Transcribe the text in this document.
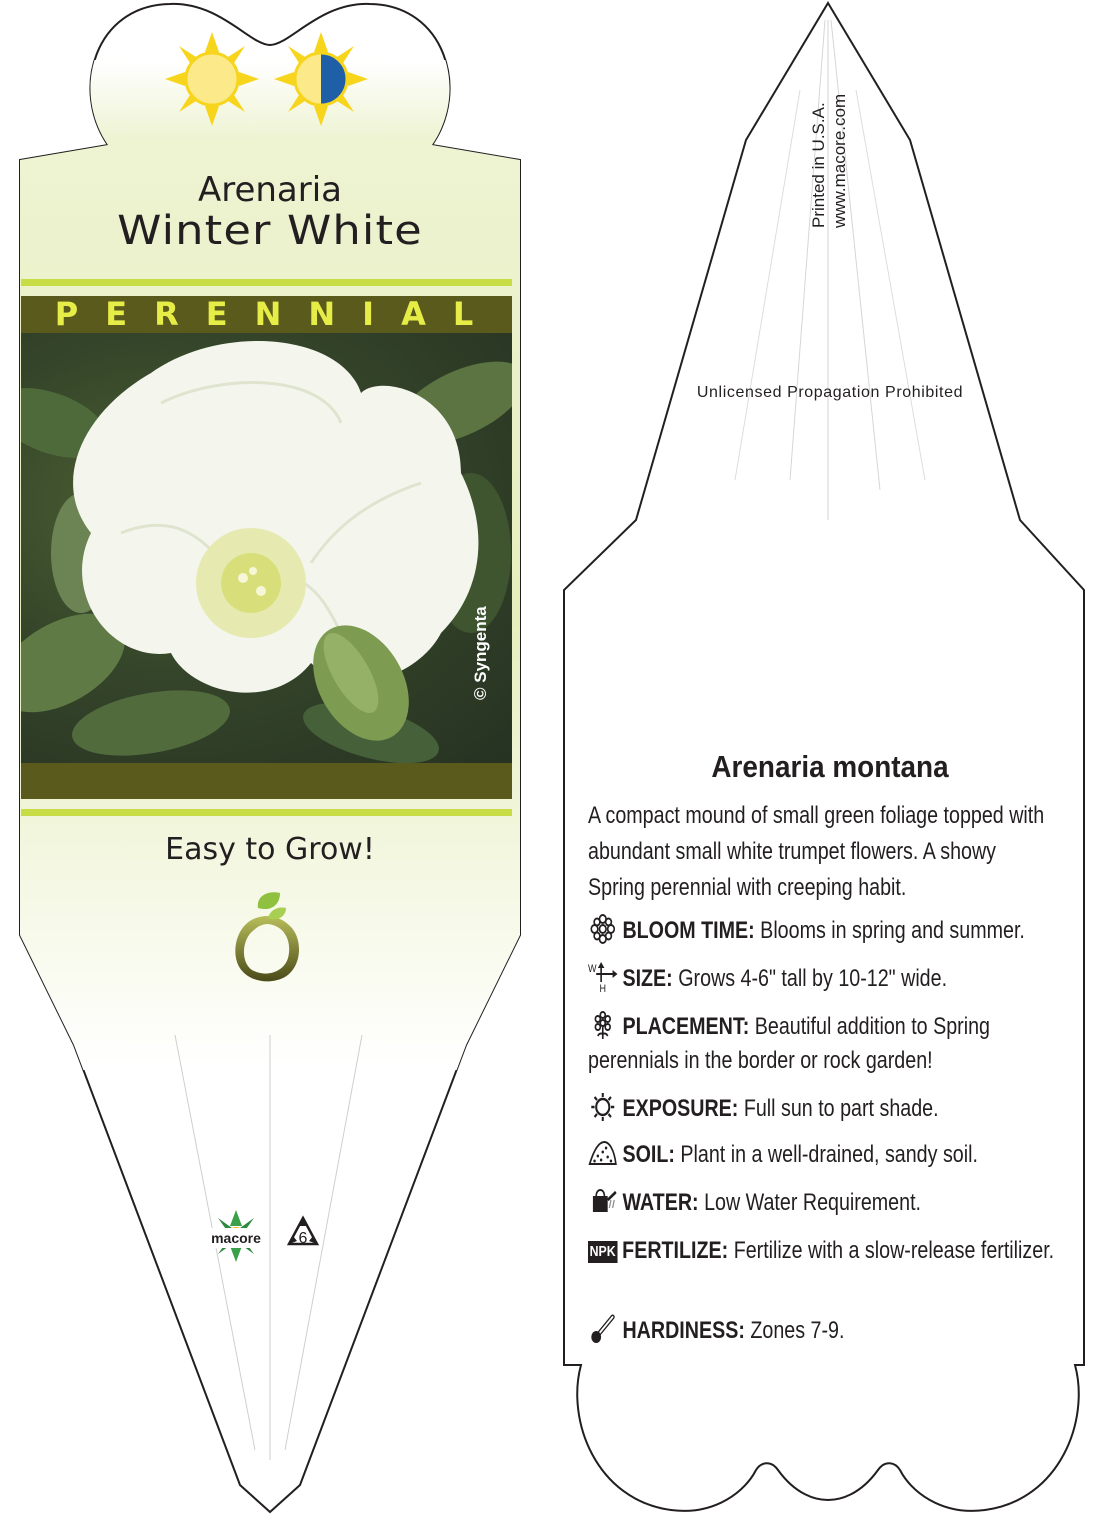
Arenaria
Winter White
PERENNIAL
© Syngenta
Easy to Grow!
macore	6
Printed in U.S.A. www.macore.com
Unlicensed Propagation Prohibited
Arenaria montana
A compact mound of small green foliage topped with abundant small white trumpet flowers. A showy Spring perennial with creeping habit.
BLOOM TIME: Blooms in spring and summer.
W
H SIZE: Grows 4-6" tall by 10-12" wide.
PLACEMENT: Beautiful addition to Spring perennials in the border or rock garden!
EXPOSURE: Full sun to part shade.
SOIL: Plant in a well-drained, sandy soil.
WATER: Low Water Requirement.
NPK FERTILIZE: Fertilize with a slow-release fertilizer.
HARDINESS: Zones 7-9.
